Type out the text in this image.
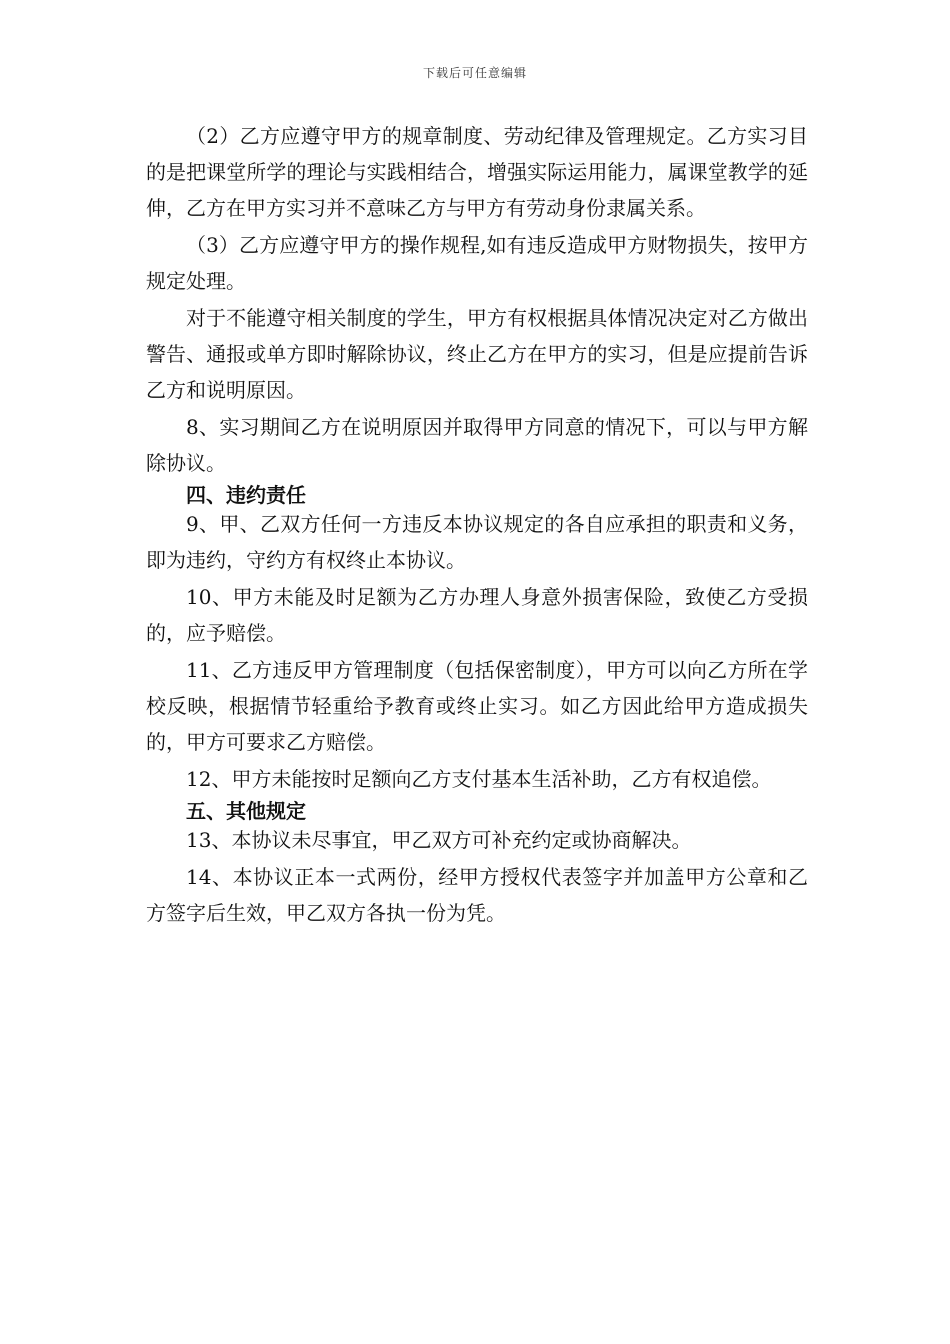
下载后可任意编辑

（2）乙方应遵守甲方的规章制度、劳动纪律及管理规定。乙方实习目的是把课堂所学的理论与实践相结合，增强实际运用能力，属课堂教学的延伸，乙方在甲方实习并不意味乙方与甲方有劳动身份隶属关系。

（3）乙方应遵守甲方的操作规程,如有违反造成甲方财物损失，按甲方规定处理。

对于不能遵守相关制度的学生，甲方有权根据具体情况决定对乙方做出警告、通报或单方即时解除协议，终止乙方在甲方的实习，但是应提前告诉乙方和说明原因。

8、实习期间乙方在说明原因并取得甲方同意的情况下，可以与甲方解除协议。

四、违约责任

9、甲、乙双方任何一方违反本协议规定的各自应承担的职责和义务，即为违约，守约方有权终止本协议。

10、甲方未能及时足额为乙方办理人身意外损害保险，致使乙方受损的，应予赔偿。

11、乙方违反甲方管理制度（包括保密制度），甲方可以向乙方所在学校反映，根据情节轻重给予教育或终止实习。如乙方因此给甲方造成损失的，甲方可要求乙方赔偿。

12、甲方未能按时足额向乙方支付基本生活补助，乙方有权追偿。

五、其他规定

13、本协议未尽事宜，甲乙双方可补充约定或协商解决。

14、本协议正本一式两份，经甲方授权代表签字并加盖甲方公章和乙方签字后生效，甲乙双方各执一份为凭。
